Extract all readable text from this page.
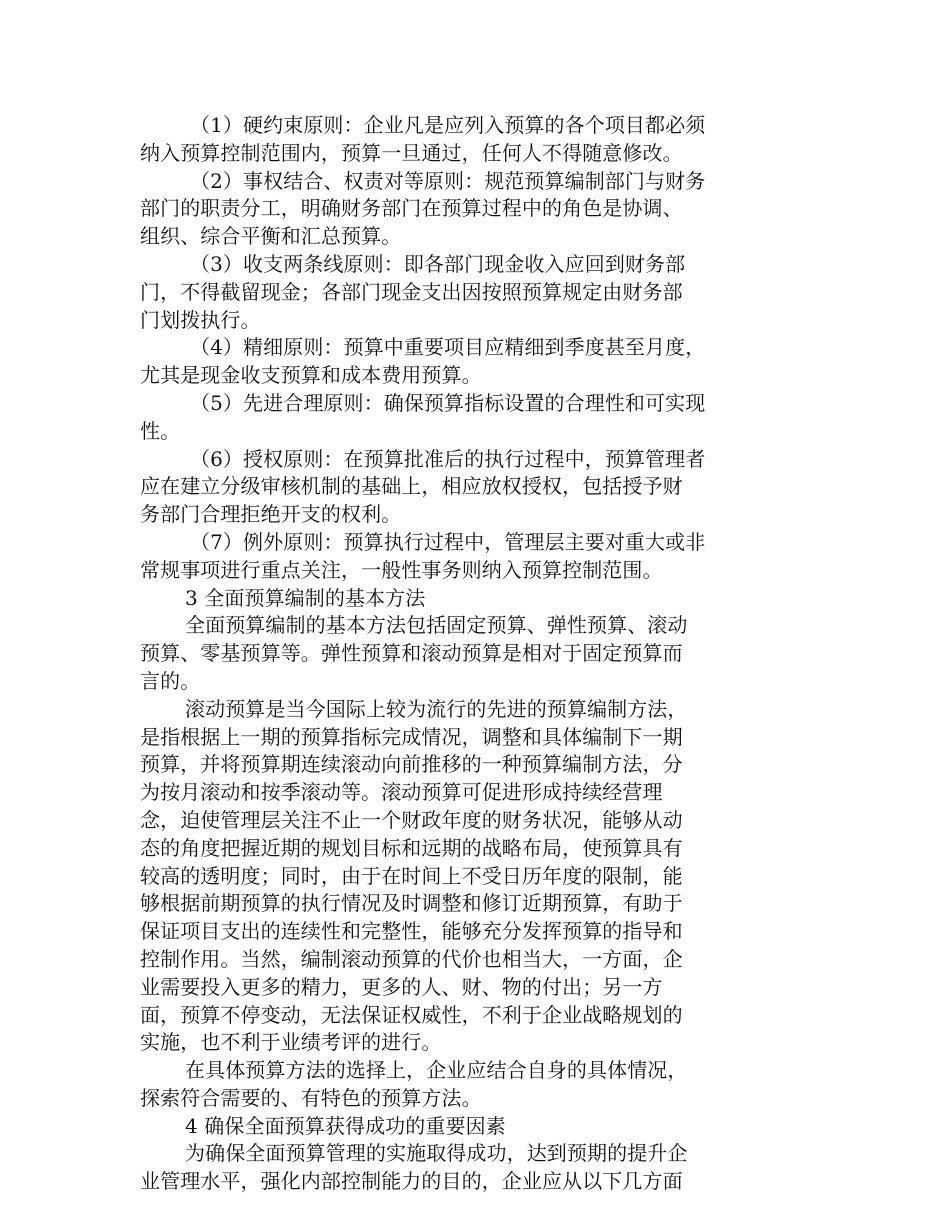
（1）硬约束原则：企业凡是应列入预算的各个项目都必须
纳入预算控制范围内，预算一旦通过，任何人不得随意修改。
（2）事权结合、权责对等原则：规范预算编制部门与财务
部门的职责分工，明确财务部门在预算过程中的角色是协调、
组织、综合平衡和汇总预算。
（3）收支两条线原则：即各部门现金收入应回到财务部
门，不得截留现金；各部门现金支出因按照预算规定由财务部
门划拨执行。
（4）精细原则：预算中重要项目应精细到季度甚至月度，
尤其是现金收支预算和成本费用预算。
（5）先进合理原则：确保预算指标设置的合理性和可实现
性。
（6）授权原则：在预算批准后的执行过程中，预算管理者
应在建立分级审核机制的基础上，相应放权授权，包括授予财
务部门合理拒绝开支的权利。
（7）例外原则：预算执行过程中，管理层主要对重大或非
常规事项进行重点关注，一般性事务则纳入预算控制范围。
3 全面预算编制的基本方法
全面预算编制的基本方法包括固定预算、弹性预算、滚动
预算、零基预算等。弹性预算和滚动预算是相对于固定预算而
言的。
滚动预算是当今国际上较为流行的先进的预算编制方法，
是指根据上一期的预算指标完成情况，调整和具体编制下一期
预算，并将预算期连续滚动向前推移的一种预算编制方法，分
为按月滚动和按季滚动等。滚动预算可促进形成持续经营理
念，迫使管理层关注不止一个财政年度的财务状况，能够从动
态的角度把握近期的规划目标和远期的战略布局，使预算具有
较高的透明度；同时，由于在时间上不受日历年度的限制，能
够根据前期预算的执行情况及时调整和修订近期预算，有助于
保证项目支出的连续性和完整性，能够充分发挥预算的指导和
控制作用。当然，编制滚动预算的代价也相当大，一方面，企
业需要投入更多的精力，更多的人、财、物的付出；另一方
面，预算不停变动，无法保证权威性，不利于企业战略规划的
实施，也不利于业绩考评的进行。
在具体预算方法的选择上，企业应结合自身的具体情况，
探索符合需要的、有特色的预算方法。
4 确保全面预算获得成功的重要因素
为确保全面预算管理的实施取得成功，达到预期的提升企
业管理水平，强化内部控制能力的目的，企业应从以下几方面
